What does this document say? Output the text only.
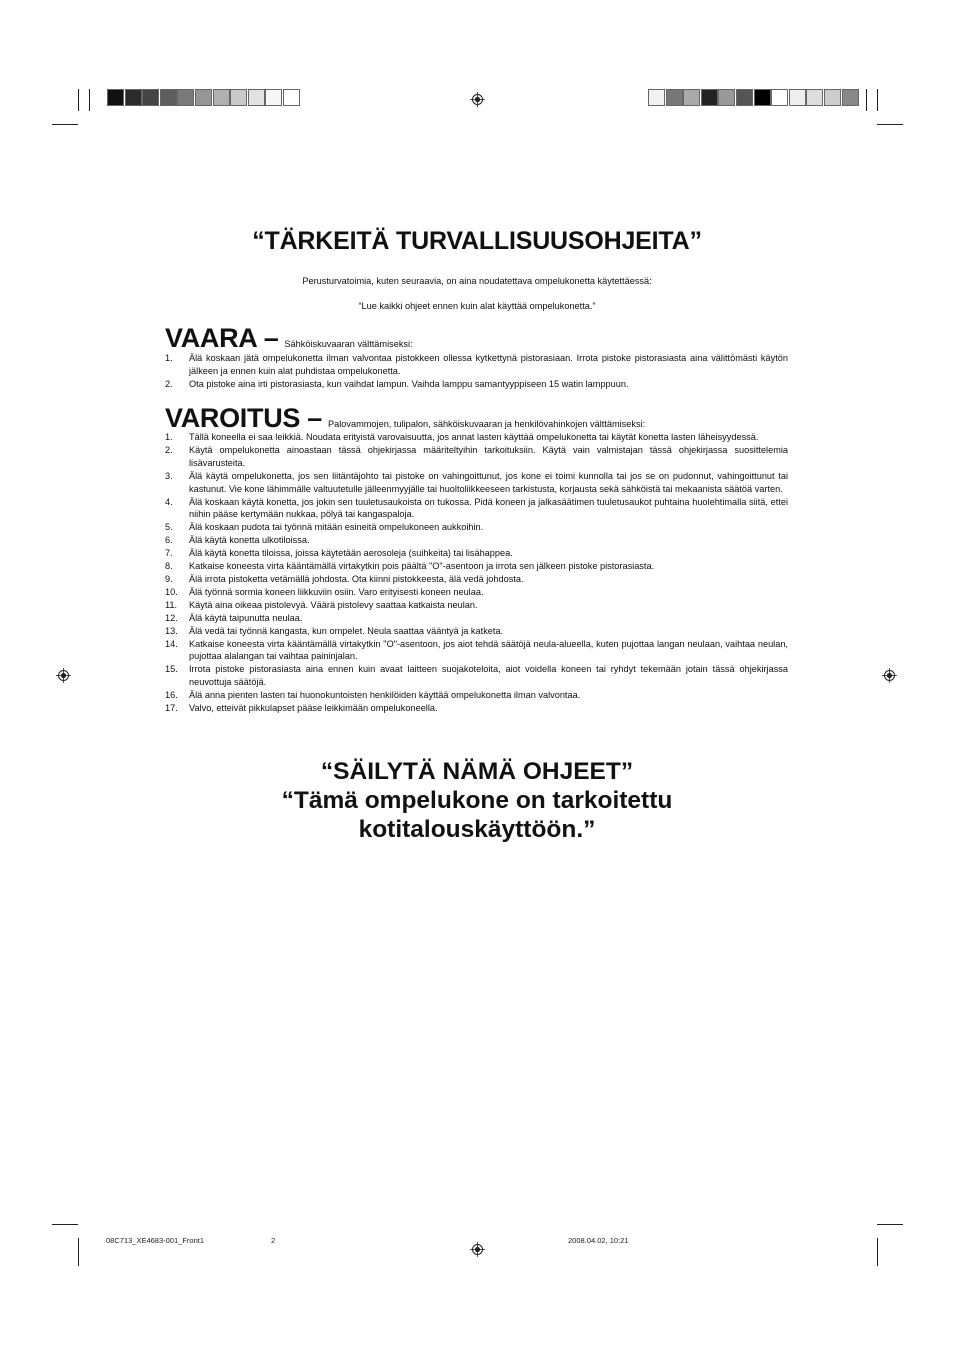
“TÄRKEITÄ TURVALLISUUSOHJEITA”
Perusturvatoimia, kuten seuraavia, on aina noudatettava ompelukonetta käytettäessä:
“Lue kaikki ohjeet ennen kuin alat käyttää ompelukonetta.”
VAARA – Sähköiskuvaaran välttämiseksi:
1. Älä koskaan jätä ompelukonetta ilman valvontaa pistokkeen ollessa kytkettynä pistorasiaan. Irrota pistoke pistorasiasta aina välittömästi käytön jälkeen ja ennen kuin alat puhdistaa ompelukonetta.
2. Ota pistoke aina irti pistorasiasta, kun vaihdat lampun. Vaihda lamppu samantyyppiseen 15 watin lamppuun.
VAROITUS – Palovammojen, tulipalon, sähköiskuvaaran ja henkilövahinkojen välttämiseksi:
1. Tällä koneella ei saa leikkiä. Noudata erityistä varovaisuutta, jos annat lasten käyttää ompelukonetta tai käytät konetta lasten läheisyydessä.
2. Käytä ompelukonetta ainoastaan tässä ohjekirjassa määriteltyihin tarkoituksiin. Käytä vain valmistajan tässä ohjekirjassa suosittelemia lisävarusteita.
3. Älä käytä ompelukonetta, jos sen liitäntäjohto tai pistoke on vahingoittunut, jos kone ei toimi kunnolla tai jos se on pudonnut, vahingoittunut tai kastunut. Vie kone lähimmälle valtuutetulle jälleenmyyjälle tai huoltoliikkeeseen tarkistusta, korjausta sekä sähköistä tai mekaanista säätöä varten.
4. Älä koskaan käytä konetta, jos jokin sen tuuletusaukoista on tukossa. Pidä koneen ja jalkasäätimen tuuletusaukot puhtaina huolehtimalla siitä, ettei niihin pääse kertymään nukkaa, pölyä tai kangaspaloja.
5. Älä koskaan pudota tai työnnä mitään esineitä ompelukoneen aukkoihin.
6. Älä käytä konetta ulkotiloissa.
7. Älä käytä konetta tiloissa, joissa käytetään aerosoleja (suihkeita) tai lisähappea.
8. Katkaise koneesta virta kääntämällä virtakytkin pois päältä "O"-asentoon ja irrota sen jälkeen pistoke pistorasiasta.
9. Älä irrota pistoketta vetämällä johdosta. Ota kiinni pistokkeesta, älä vedä johdosta.
10. Älä työnnä sormia koneen liikkuviin osiin. Varo erityisesti koneen neulaa.
11. Käytä aina oikeaa pistolevyä. Väärä pistolevy saattaa katkaista neulan.
12. Älä käytä taipunutta neulaa.
13. Älä vedä tai työnnä kangasta, kun ompelet. Neula saattaa vääntyä ja katketa.
14. Katkaise koneesta virta kääntämällä virtakytkin "O"-asentoon, jos aiot tehdä säätöjä neula-alueella, kuten pujottaa langan neulaan, vaihtaa neulan, pujottaa alalangan tai vaihtaa paininjalan.
15. Irrota pistoke pistorasiasta aina ennen kuin avaat laitteen suojakoteloita, aiot voidella koneen tai ryhdyt tekemään jotain tässä ohjekirjassa neuvottuja säätöjä.
16. Älä anna pienten lasten tai huonokuntoisten henkilöiden käyttää ompelukonetta ilman valvontaa.
17. Valvo, etteivät pikkulapset pääse leikkimään ompelukoneella.
“SÄILYTÄ NÄMÄ OHJEET”
“Tämä ompelukone on tarkoitettu
kotitalouskäyttöön.”
08C713_XE4683-001_Front1	2	2008.04.02, 10:21
